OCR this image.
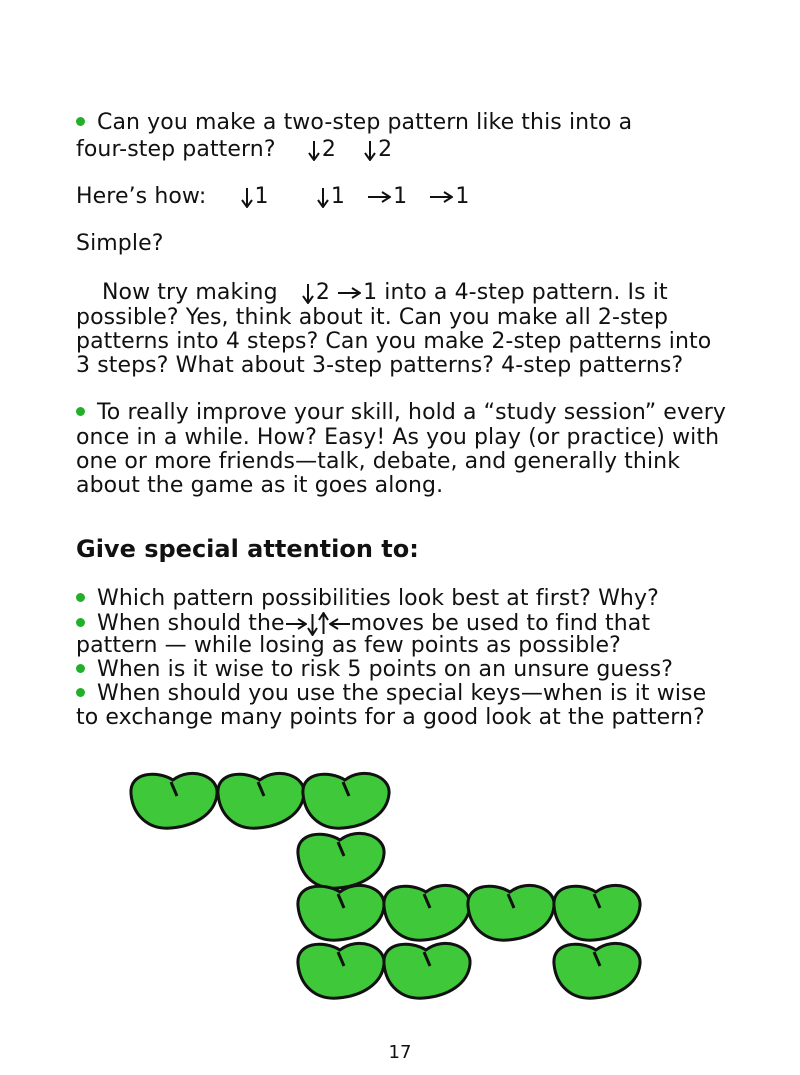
Can you make a two-step pattern like this into a
four-step pattern? 2 2
Here’s how: 1	1 1 1
Simple?
Now try making 2 1 into a 4-step pattern. Is it
possible? Yes, think about it. Can you make all 2-step
patterns into 4 steps? Can you make 2-step patterns into
3 steps? What about 3-step patterns? 4-step patterns?
To really improve your skill, hold a “study session” every
once in a while. How? Easy! As you play (or practice) with
one or more friends—talk, debate, and generally think
about the game as it goes along.
Give special attention to:
Which pattern possibilities look best at first? Why?
When should the	moves be used to find that
pattern — while losing as few points as possible?
When is it wise to risk 5 points on an unsure guess?
When should you use the special keys—when is it wise
to exchange many points for a good look at the pattern?
17
